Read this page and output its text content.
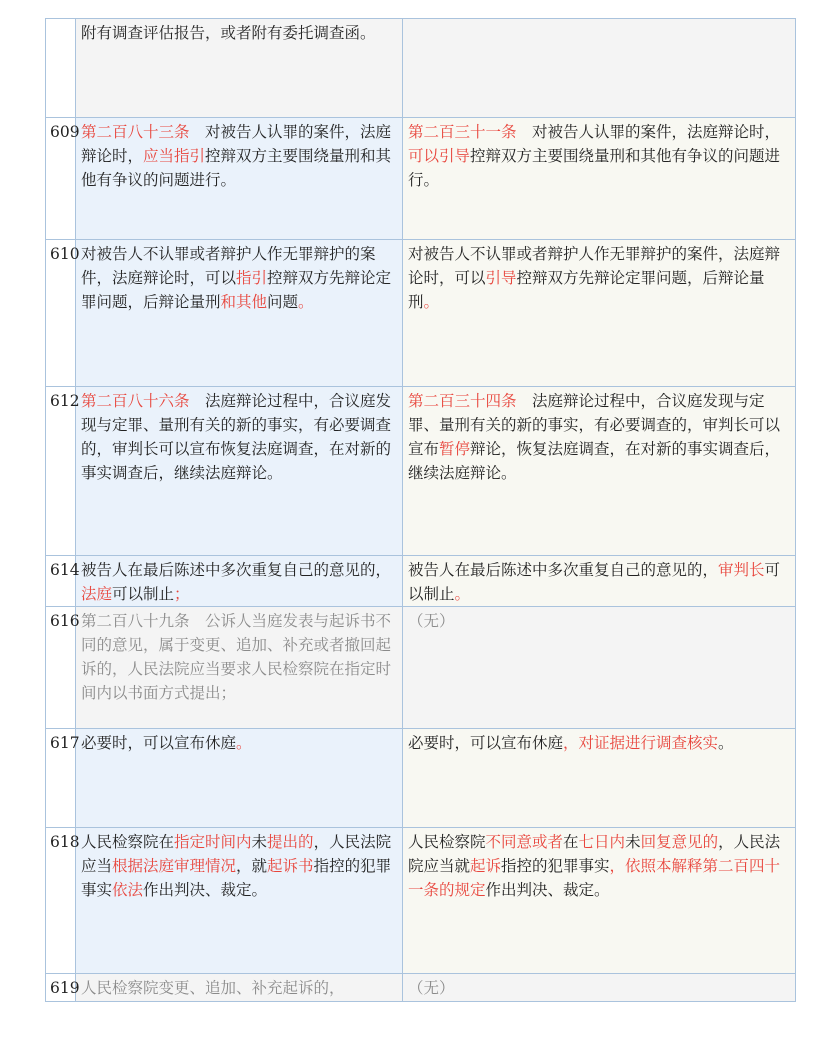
	附有调查评估报告，或者附有委托调查函。	
609	第二百八十三条　对被告人认罪的案件，法庭辩论时，应当指引控辩双方主要围绕量刑和其他有争议的问题进行。	第二百三十一条　对被告人认罪的案件，法庭辩论时，可以引导控辩双方主要围绕量刑和其他有争议的问题进行。
610	对被告人不认罪或者辩护人作无罪辩护的案件，法庭辩论时，可以指引控辩双方先辩论定罪问题，后辩论量刑和其他问题。	对被告人不认罪或者辩护人作无罪辩护的案件，法庭辩论时，可以引导控辩双方先辩论定罪问题，后辩论量刑。
612	第二百八十六条　法庭辩论过程中，合议庭发现与定罪、量刑有关的新的事实，有必要调查的，审判长可以宣布恢复法庭调查，在对新的事实调查后，继续法庭辩论。	第二百三十四条　法庭辩论过程中，合议庭发现与定罪、量刑有关的新的事实，有必要调查的，审判长可以宣布暂停辩论，恢复法庭调查，在对新的事实调查后，继续法庭辩论。
614	被告人在最后陈述中多次重复自己的意见的，法庭可以制止；	被告人在最后陈述中多次重复自己的意见的，审判长可以制止。
616	第二百八十九条　公诉人当庭发表与起诉书不同的意见，属于变更、追加、补充或者撤回起诉的，人民法院应当要求人民检察院在指定时间内以书面方式提出；	（无）
617	必要时，可以宣布休庭。	必要时，可以宣布休庭，对证据进行调查核实。
618	人民检察院在指定时间内未提出的，人民法院应当根据法庭审理情况，就起诉书指控的犯罪事实依法作出判决、裁定。	人民检察院不同意或者在七日内未回复意见的，人民法院应当就起诉指控的犯罪事实，依照本解释第二百四十一条的规定作出判决、裁定。
619	人民检察院变更、追加、补充起诉的，	（无）
